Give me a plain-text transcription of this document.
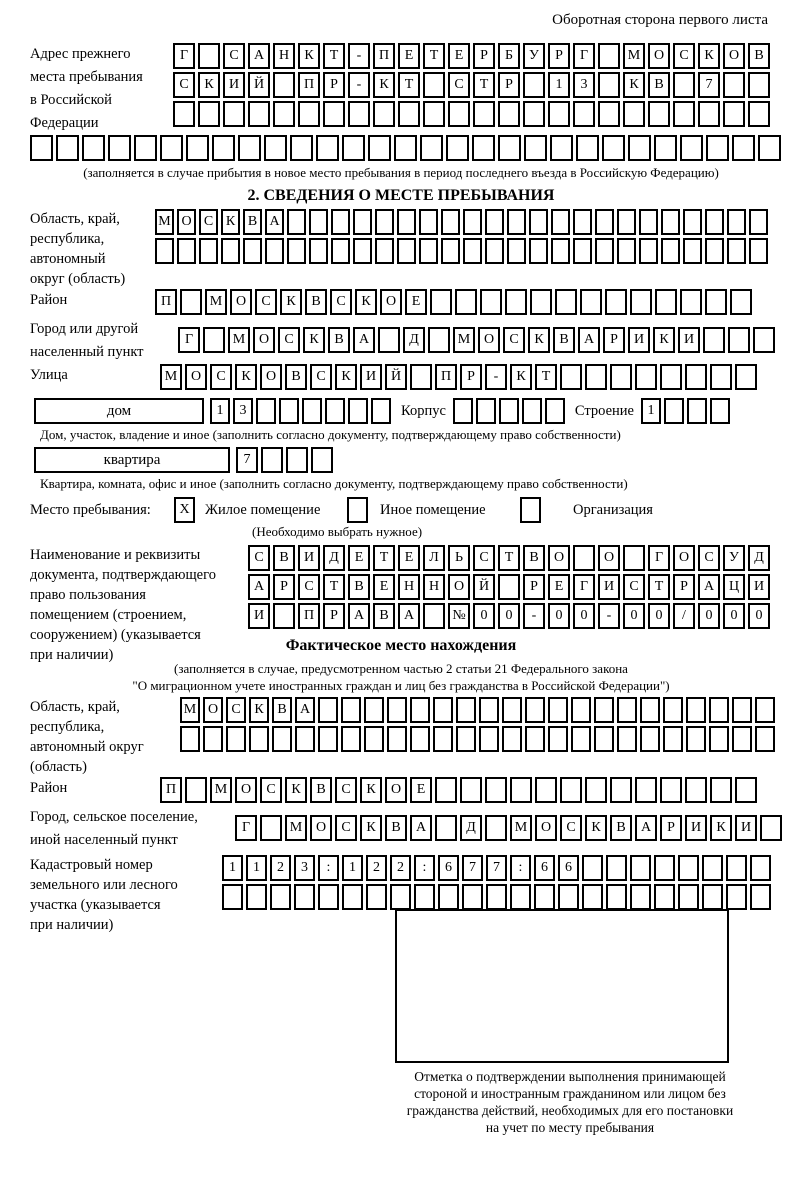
Оборотная сторона первого листа
Адрес прежнего
места пребывания
в Российской
Федерации
Г	С	А	Н	К	Т	-	П	Е	Т	Е	Р	Б	У	Р	Г	М О	С	К	О	В
С	К	И	Й	П	Р	-	К	Т	С	Т	Р	1	3	К	В	7
(заполняется в случае прибытия в новое место пребывания в период последнего въезда в Российскую Федерацию)
2. СВЕДЕНИЯ О МЕСТЕ ПРЕБЫВАНИЯ
Область, край,
республика,
автономный
округ (область)
М О С К В А
Район	П	М О	С	К	В	С	К	О	Е
Город или другой
населенный пункт
Г	М О	С	К	В	А	Д	М О	С	К	В	А	Р	И	К	И
Улица	М О	С	К	О	В	С	К	И	Й	П	Р	-	К	Т
дом	1	3	Корпус	Строение 1
Дом, участок, владение и иное (заполнить согласно документу, подтверждающему право собственности)
квартира	7
Квартира, комната, офис и иное (заполнить согласно документу, подтверждающему право собственности)
Место пребывания:	X	Жилое помещение	Иное помещение	Организация
(Необходимо выбрать нужное)
Наименование и реквизиты
документа, подтверждающего
право пользования
помещением (строением,
сооружением) (указывается
при наличии)
С	В	И	Д	Е	Т	Е	Л	Ь	С	Т	В	О	О	Г	О	С	У	Д
А	Р	С	Т	В	Е	Н	Н	О	Й	Р	Е	Г	И	С	Т	Р	А	Ц	И
И	П	Р	А	В	А	№	0	0	-	0	0	-	0	0	/	0	0	0
Фактическое место нахождения
(заполняется в случае, предусмотренном частью 2 статьи 21 Федерального закона
"О миграционном учете иностранных граждан и лиц без гражданства в Российской Федерации")
Область, край,
республика,
автономный округ
(область)
М О С К В А
Район	П	М О	С	К	В	С	К	О	Е
Город, сельское поселение,
иной населенный пункт
Г	М О	С	К	В	А	Д	М О	С	К	В	А	Р	И	К	И
Кадастровый номер
земельного или лесного
участка (указывается
при наличии)
1	1	2	3	:	1	2	2	:	6	7	7	:	6	6
Отметка о подтверждении выполнения принимающей
стороной и иностранным гражданином или лицом без
гражданства действий, необходимых для его постановки
на учет по месту пребывания
